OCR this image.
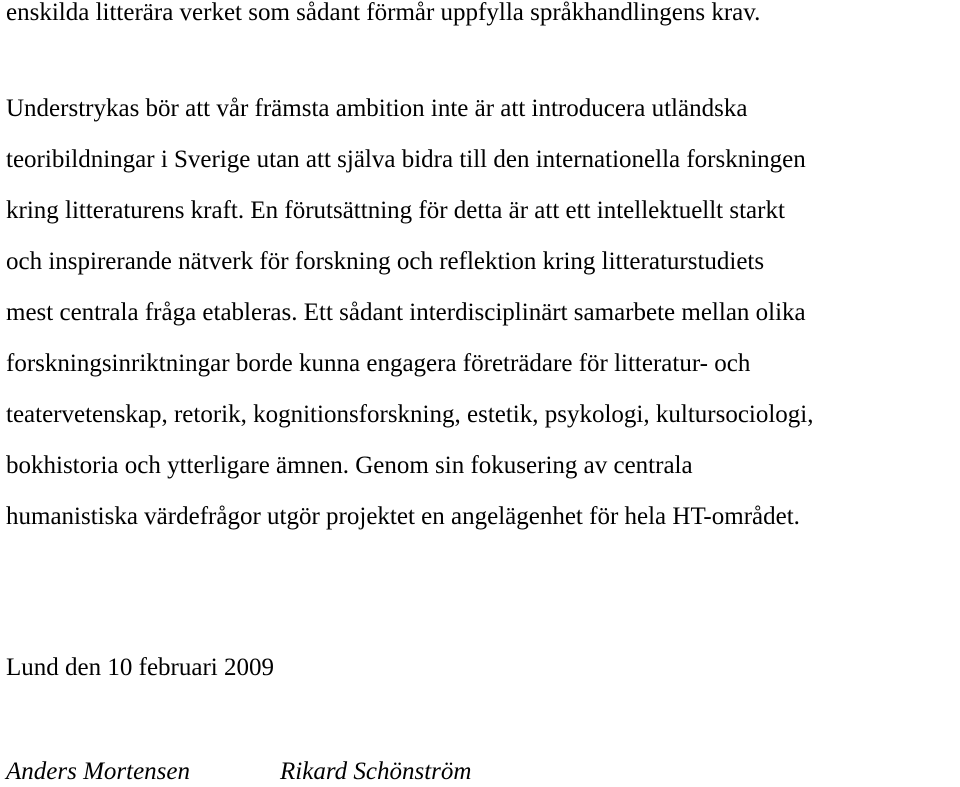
enskilda litterära verket som sådant förmår uppfylla språkhandlingens krav.
Understrykas bör att vår främsta ambition inte är att introducera utländska
teoribildningar i Sverige utan att själva bidra till den internationella forskningen
kring litteraturens kraft. En förutsättning för detta är att ett intellektuellt starkt
och inspirerande nätverk för forskning och reflektion kring litteraturstudiets
mest centrala fråga etableras. Ett sådant interdisciplinärt samarbete mellan olika
forskningsinriktningar borde kunna engagera företrädare för litteratur- och
teatervetenskap, retorik, kognitionsforskning, estetik, psykologi, kultursociologi,
bokhistoria och ytterligare ämnen. Genom sin fokusering av centrala
humanistiska värdefrågor utgör projektet en angelägenhet för hela HT-området.
Lund den 10 februari 2009
Anders Mortensen	Rikard Schönström
